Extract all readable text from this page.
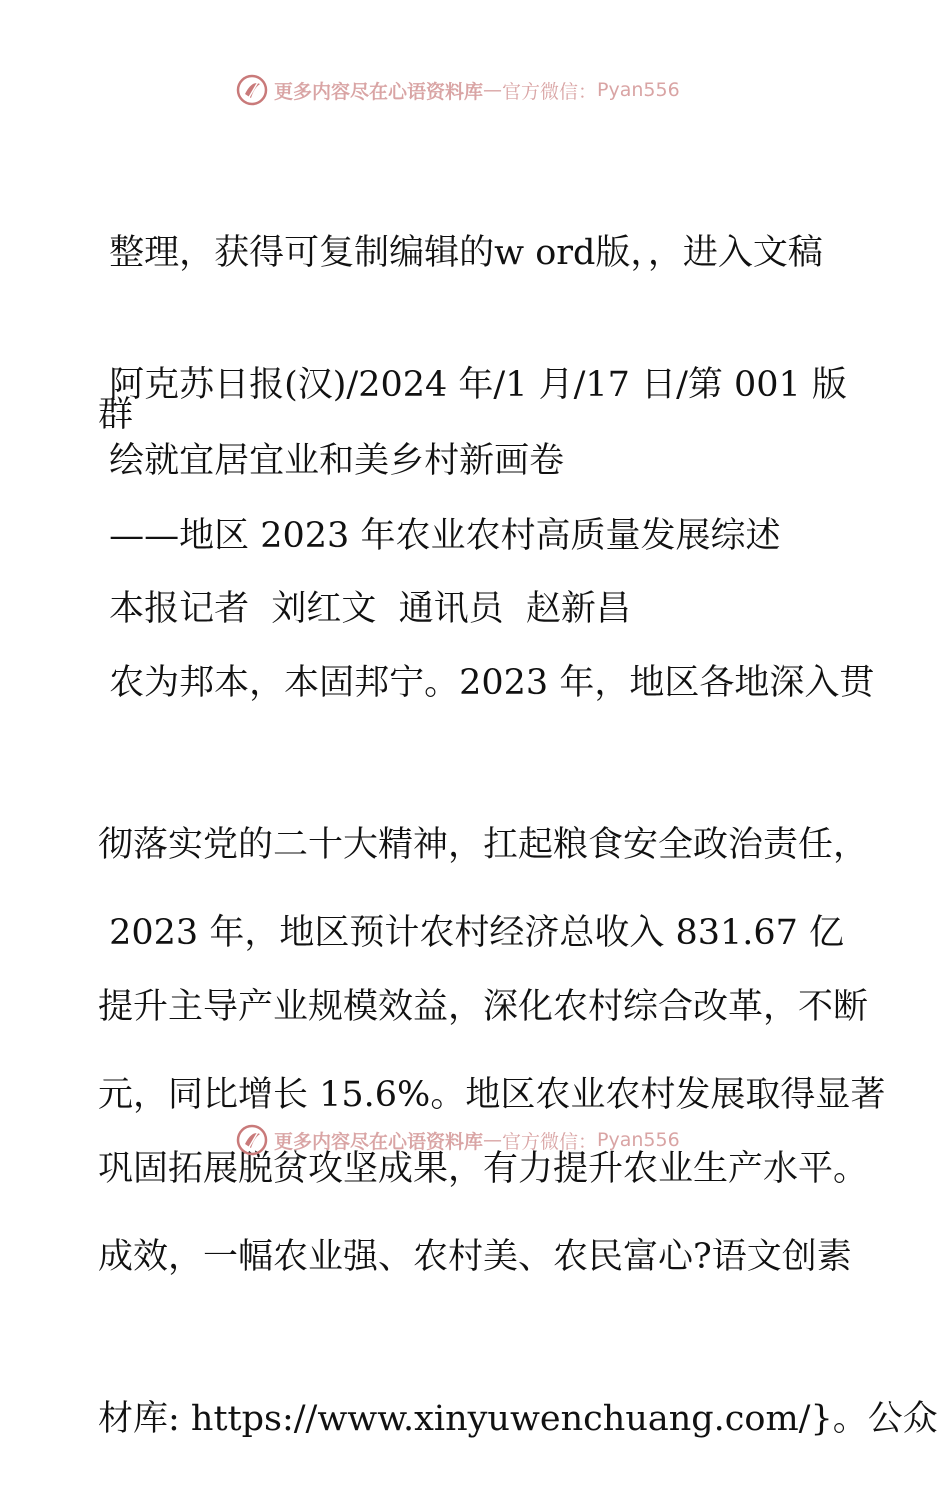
更多内容尽在心语资料库 — 官方微信： Pyan556

整理，获得可复制编辑的w ord版，，进入文稿

群

阿克苏日报(汉)/2024 年/1 月/17 日/第 001 版

绘就宜居宜业和美乡村新画卷

——地区 2023 年农业农村高质量发展综述

本报记者  刘红文  通讯员  赵新昌

农为邦本，本固邦宁。2023 年，地区各地深入贯

彻落实党的二十大精神，扛起粮食安全政治责任，

提升主导产业规模效益，深化农村综合改革，不断

巩固拓展脱贫攻坚成果，有力提升农业生产水平。

2023 年，地区预计农村经济总收入 831.67 亿

元，同比增长 15.6%。地区农业农村发展取得显著

成效，一幅农业强、农村美、农民富心?语文创素

材库: https://www.xinyuwenchuang.com/}。公众

更多内容尽在心语资料库 — 官方微信： Pyan556
